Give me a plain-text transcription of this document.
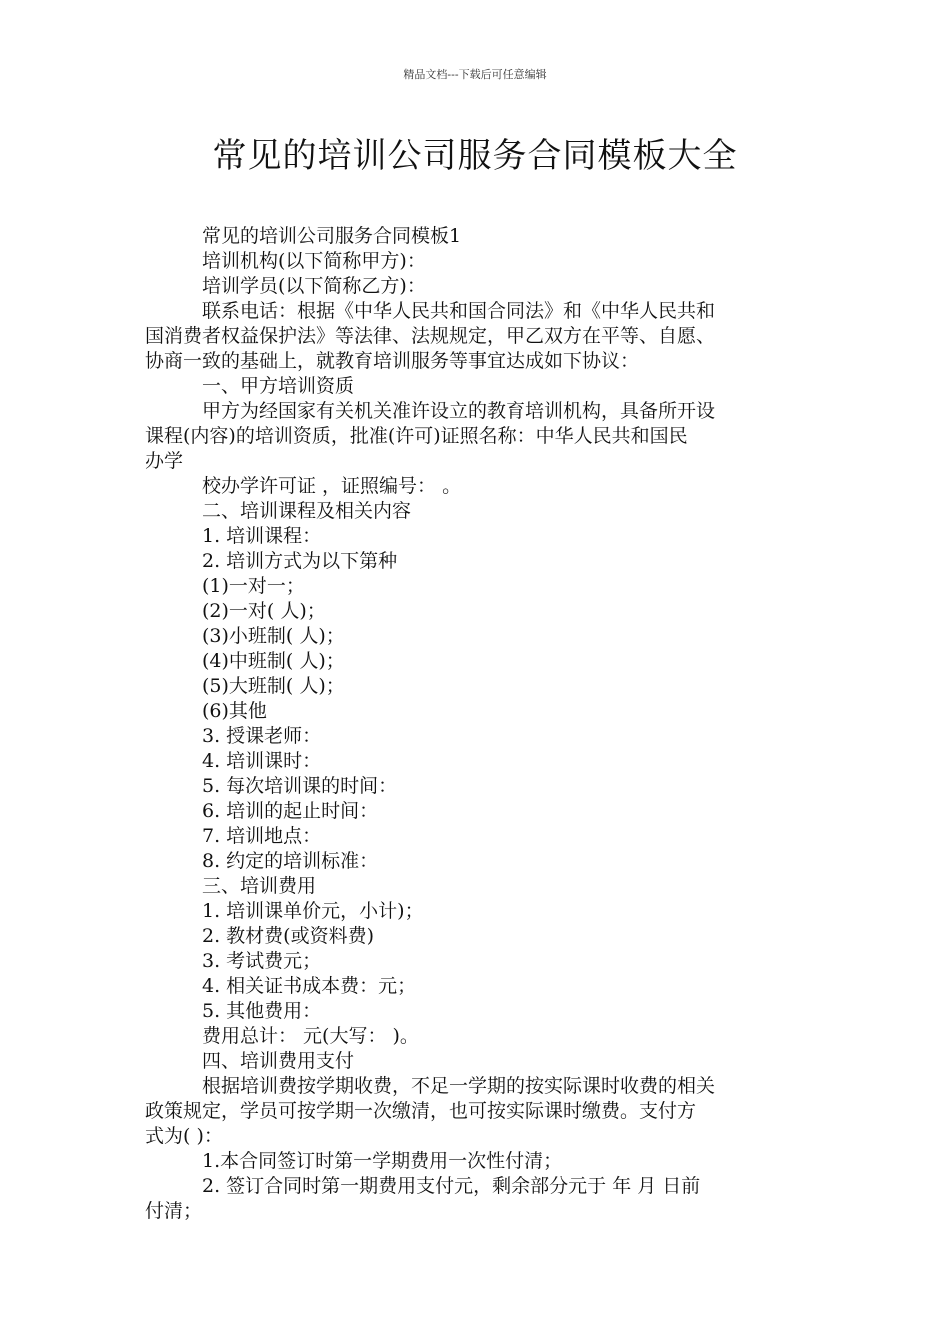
精品文档---下载后可任意编辑
常见的培训公司服务合同模板大全
常见的培训公司服务合同模板1
培训机构(以下简称甲方)：
培训学员(以下简称乙方)：
联系电话：根据《中华人民共和国合同法》和《中华人民共和
国消费者权益保护法》等法律、法规规定，甲乙双方在平等、自愿、
协商一致的基础上，就教育培训服务等事宜达成如下协议：
一、甲方培训资质
甲方为经国家有关机关准许设立的教育培训机构，具备所开设
课程(内容)的培训资质，批准(许可)证照名称：中华人民共和国民
办学
校办学许可证 ，证照编号： 。
二、培训课程及相关内容
1. 培训课程：
2. 培训方式为以下第种
(1)一对一；
(2)一对( 人)；
(3)小班制( 人)；
(4)中班制( 人)；
(5)大班制( 人)；
(6)其他
3. 授课老师：
4. 培训课时：
5. 每次培训课的时间：
6. 培训的起止时间：
7. 培训地点：
8. 约定的培训标准：
三、培训费用
1. 培训课单价元，小计)；
2. 教材费(或资料费)
3. 考试费元；
4. 相关证书成本费：元；
5. 其他费用：
费用总计： 元(大写： )。
四、培训费用支付
根据培训费按学期收费，不足一学期的按实际课时收费的相关
政策规定，学员可按学期一次缴清，也可按实际课时缴费。支付方
式为( )：
1.本合同签订时第一学期费用一次性付清；
2. 签订合同时第一期费用支付元，剩余部分元于 年 月 日前
付清；
